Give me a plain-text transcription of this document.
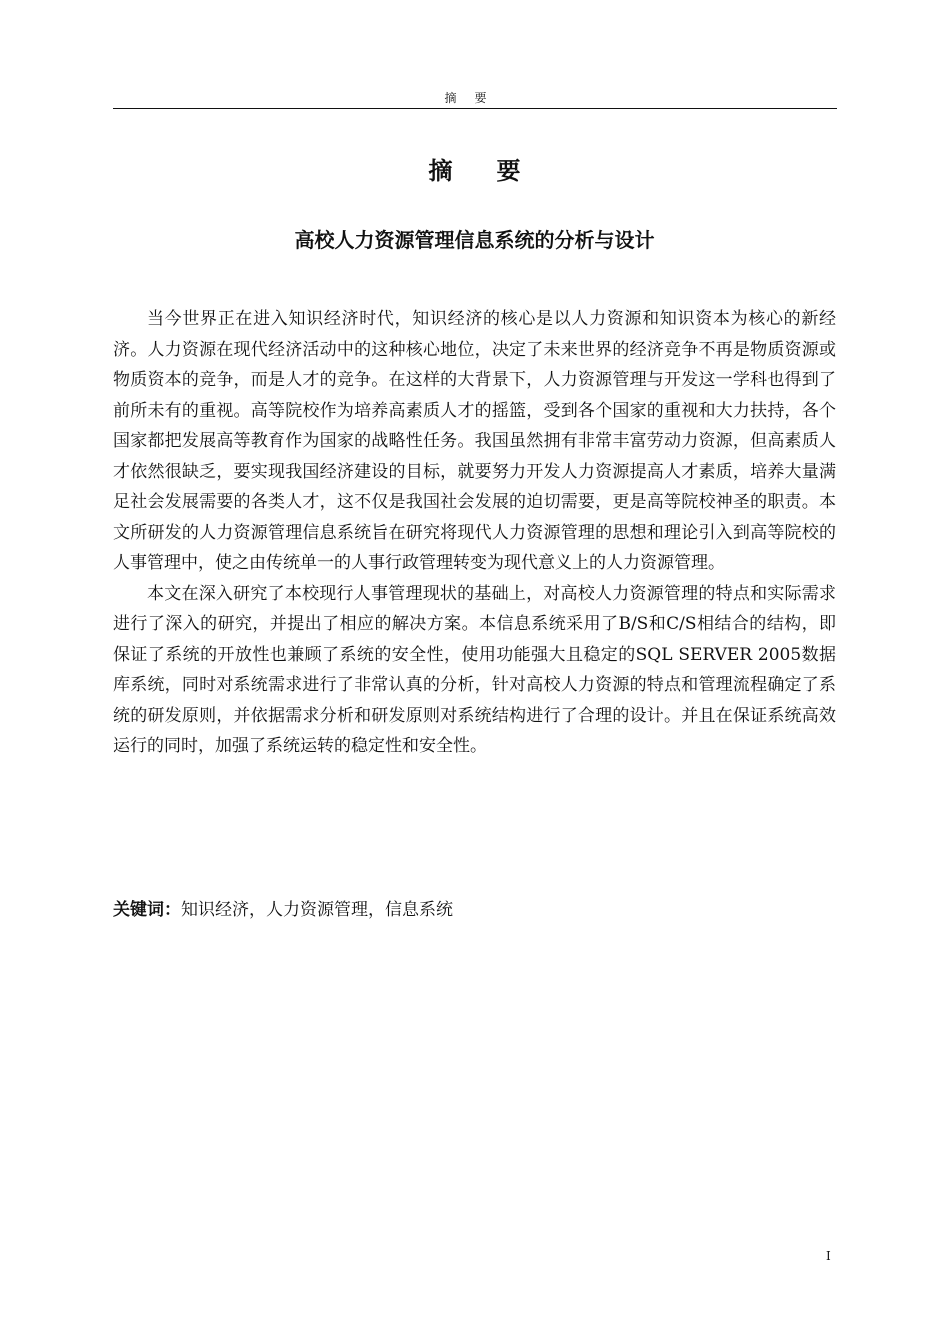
摘要
摘要
高校人力资源管理信息系统的分析与设计

当今世界正在进入知识经济时代，知识经济的核心是以人力资源和知识资本为核心的新经济。人力资源在现代经济活动中的这种核心地位，决定了未来世界的经济竞争不再是物质资源或物质资本的竞争，而是人才的竞争。在这样的大背景下，人力资源管理与开发这一学科也得到了前所未有的重视。高等院校作为培养高素质人才的摇篮，受到各个国家的重视和大力扶持，各个国家都把发展高等教育作为国家的战略性任务。我国虽然拥有非常丰富劳动力资源，但高素质人才依然很缺乏，要实现我国经济建设的目标，就要努力开发人力资源提高人才素质，培养大量满足社会发展需要的各类人才，这不仅是我国社会发展的迫切需要，更是高等院校神圣的职责。本文所研发的人力资源管理信息系统旨在研究将现代人力资源管理的思想和理论引入到高等院校的人事管理中，使之由传统单一的人事行政管理转变为现代意义上的人力资源管理。

本文在深入研究了本校现行人事管理现状的基础上，对高校人力资源管理的特点和实际需求进行了深入的研究，并提出了相应的解决方案。本信息系统采用了B/S和C/S相结合的结构，即保证了系统的开放性也兼顾了系统的安全性，使用功能强大且稳定的SQL SERVER 2005数据库系统，同时对系统需求进行了非常认真的分析，针对高校人力资源的特点和管理流程确定了系统的研发原则，并依据需求分析和研发原则对系统结构进行了合理的设计。并且在保证系统高效运行的同时，加强了系统运转的稳定性和安全性。

关键词：知识经济，人力资源管理，信息系统
I
